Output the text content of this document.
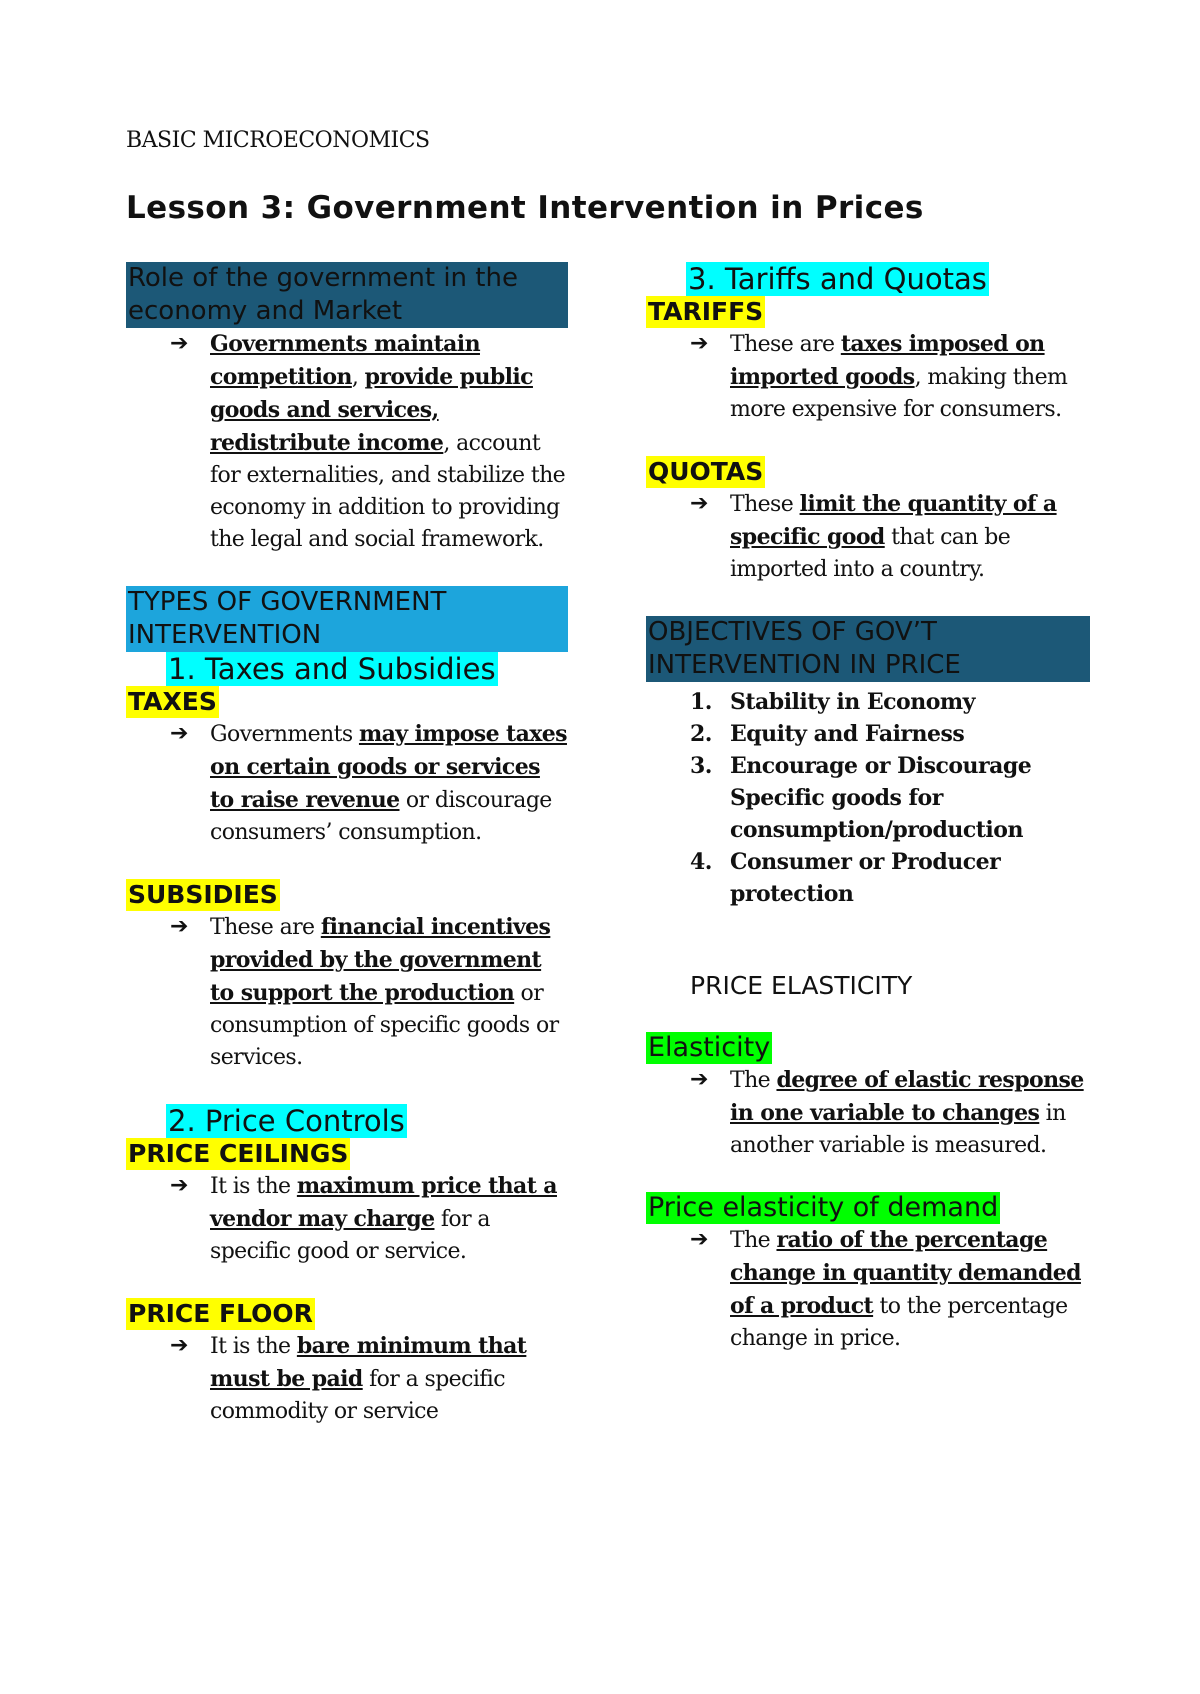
BASIC MICROECONOMICS
Lesson 3: Government Intervention in Prices
Role of the government in the economy and Market
➔ Governments maintain competition, provide public goods and services, redistribute income, account for externalities, and stabilize the economy in addition to providing the legal and social framework.
TYPES OF GOVERNMENT INTERVENTION
1. Taxes and Subsidies
TAXES
➔ Governments may impose taxes on certain goods or services to raise revenue or discourage consumers’ consumption.
SUBSIDIES
➔ These are financial incentives provided by the government to support the production or consumption of specific goods or services.
2. Price Controls
PRICE CEILINGS
➔ It is the maximum price that a vendor may charge for a specific good or service.
PRICE FLOOR
➔ It is the bare minimum that must be paid for a specific commodity or service
3. Tariffs and Quotas
TARIFFS
➔ These are taxes imposed on imported goods, making them more expensive for consumers.
QUOTAS
➔ These limit the quantity of a specific good that can be imported into a country.
OBJECTIVES OF GOV’T INTERVENTION IN PRICE
1. Stability in Economy
2. Equity and Fairness
3. Encourage or Discourage Specific goods for consumption/production
4. Consumer or Producer protection
PRICE ELASTICITY
Elasticity
➔ The degree of elastic response in one variable to changes in another variable is measured.
Price elasticity of demand
➔ The ratio of the percentage change in quantity demanded of a product to the percentage change in price.
